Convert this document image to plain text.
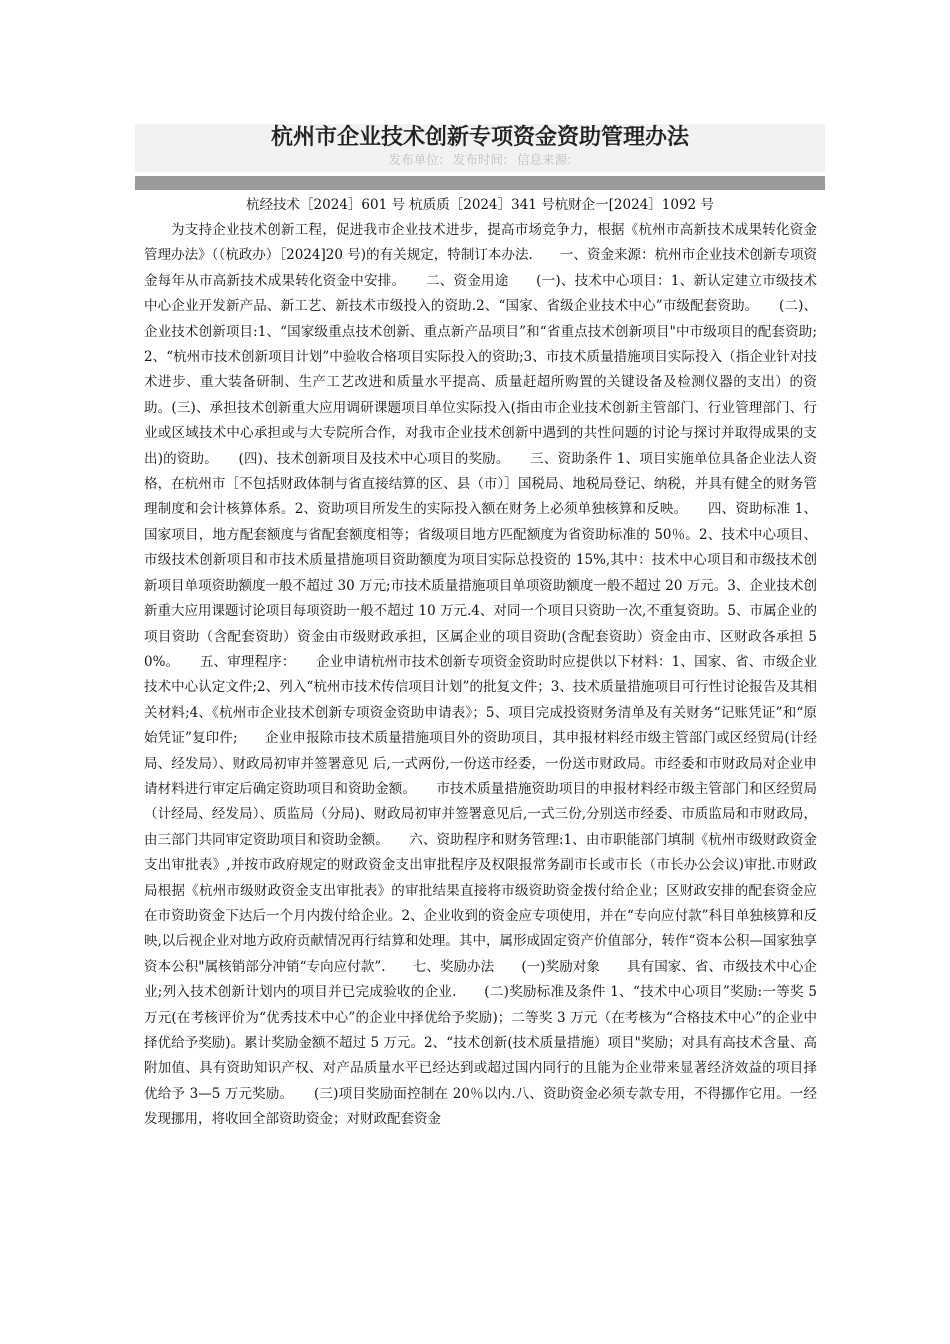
杭州市企业技术创新专项资金资助管理办法
发布单位: 发布时间: 信息来源:
杭经技术［2024］601 号 杭质质［2024］341 号杭财企一[2024］1092 号

为支持企业技术创新工程，促进我市企业技术进步，提高市场竞争力，根据《杭州市高新技术成果转化资金管理办法》（（杭政办）［2024]20 号)的有关规定，特制订本办法.　　一、资金来源：杭州市企业技术创新专项资金每年从市高新技术成果转化资金中安排。　　二、资金用途　　(一)、技术中心项目：1、新认定建立市级技术中心企业开发新产品、新工艺、新技术市级投入的资助.2、“国家、省级企业技术中心”市级配套资助。　　(二)、企业技术创新项目:1、“国家级重点技术创新、重点新产品项目”和“省重点技术创新项目"中市级项目的配套资助;2、“杭州市技术创新项目计划”中验收合格项目实际投入的资助;3、市技术质量措施项目实际投入（指企业针对技术进步、重大装备研制、生产工艺改进和质量水平提高、质量赶超所购置的关键设备及检测仪器的支出）的资助。(三)、承担技术创新重大应用调研课题项目单位实际投入(指由市企业技术创新主管部门、行业管理部门、行业或区域技术中心承担或与大专院所合作，对我市企业技术创新中遇到的共性问题的讨论与探讨并取得成果的支出)的资助。　　(四)、技术创新项目及技术中心项目的奖励。　　三、资助条件 1、项目实施单位具备企业法人资格，在杭州市［不包括财政体制与省直接结算的区、县（市）］国税局、地税局登记、纳税，并具有健全的财务管理制度和会计核算体系。2、资助项目所发生的实际投入额在财务上必须单独核算和反映。　　四、资助标准 1、国家项目，地方配套额度与省配套额度相等；省级项目地方匹配额度为省资助标准的 50％。2、技术中心项目、市级技术创新项目和市技术质量措施项目资助额度为项目实际总投资的 15%,其中：技术中心项目和市级技术创新项目单项资助额度一般不超过 30 万元;市技术质量措施项目单项资助额度一般不超过 20 万元。3、企业技术创新重大应用课题讨论项目每项资助一般不超过 10 万元.4、对同一个项目只资助一次,不重复资助。5、市属企业的项目资助（含配套资助）资金由市级财政承担，区属企业的项目资助(含配套资助）资金由市、区财政各承担 50%。　　五、审理程序：　　企业申请杭州市技术创新专项资金资助时应提供以下材料：1、国家、省、市级企业技术中心认定文件;2、列入“杭州市技术传信项目计划”的批复文件；3、技术质量措施项目可行性讨论报告及其相关材料;4、《杭州市企业技术创新专项资金资助申请表》；5、项目完成投资财务清单及有关财务“记账凭证”和“原始凭证”复印件;　　企业申报除市技术质量措施项目外的资助项目，其申报材料经市级主管部门或区经贸局(计经局、经发局）、财政局初审并签署意见 后,一式两份,一份送市经委，一份送市财政局。市经委和市财政局对企业申请材料进行审定后确定资助项目和资助金额。　　市技术质量措施资助项目的申报材料经市级主管部门和区经贸局（计经局、经发局）、质监局（分局)、财政局初审并签署意见后,一式三份,分别送市经委、市质监局和市财政局，由三部门共同审定资助项目和资助金额。　　六、资助程序和财务管理:1、由市职能部门填制《杭州市级财政资金支出审批表》,并按市政府规定的财政资金支出审批程序及权限报常务副市长或市长（市长办公会议)审批.市财政局根据《杭州市级财政资金支出审批表》的审批结果直接将市级资助资金拨付给企业；区财政安排的配套资金应在市资助资金下达后一个月内拨付给企业。2、企业收到的资金应专项使用，并在“专向应付款”科目单独核算和反映,以后视企业对地方政府贡献情况再行结算和处理。其中，属形成固定资产价值部分，转作“资本公积—国家独享资本公积"属核销部分冲销“专向应付款”.　　七、奖励办法　　(一)奖励对象　　具有国家、省、市级技术中心企业;列入技术创新计划内的项目并已完成验收的企业.　　(二)奖励标准及条件 1、“技术中心项目”奖励:一等奖 5 万元(在考核评价为“优秀技术中心”的企业中择优给予奖励)；二等奖 3 万元（在考核为“合格技术中心”的企业中择优给予奖励)。累计奖励金额不超过 5 万元。2、“技术创新(技术质量措施）项目"奖励；对具有高技术含量、高附加值、具有资助知识产权、对产品质量水平已经达到或超过国内同行的且能为企业带来显著经济效益的项目择优给予 3—5 万元奖励。　　(三)项目奖励面控制在 20％以内.八、资助资金必须专款专用，不得挪作它用。一经发现挪用，将收回全部资助资金；对财政配套资金
